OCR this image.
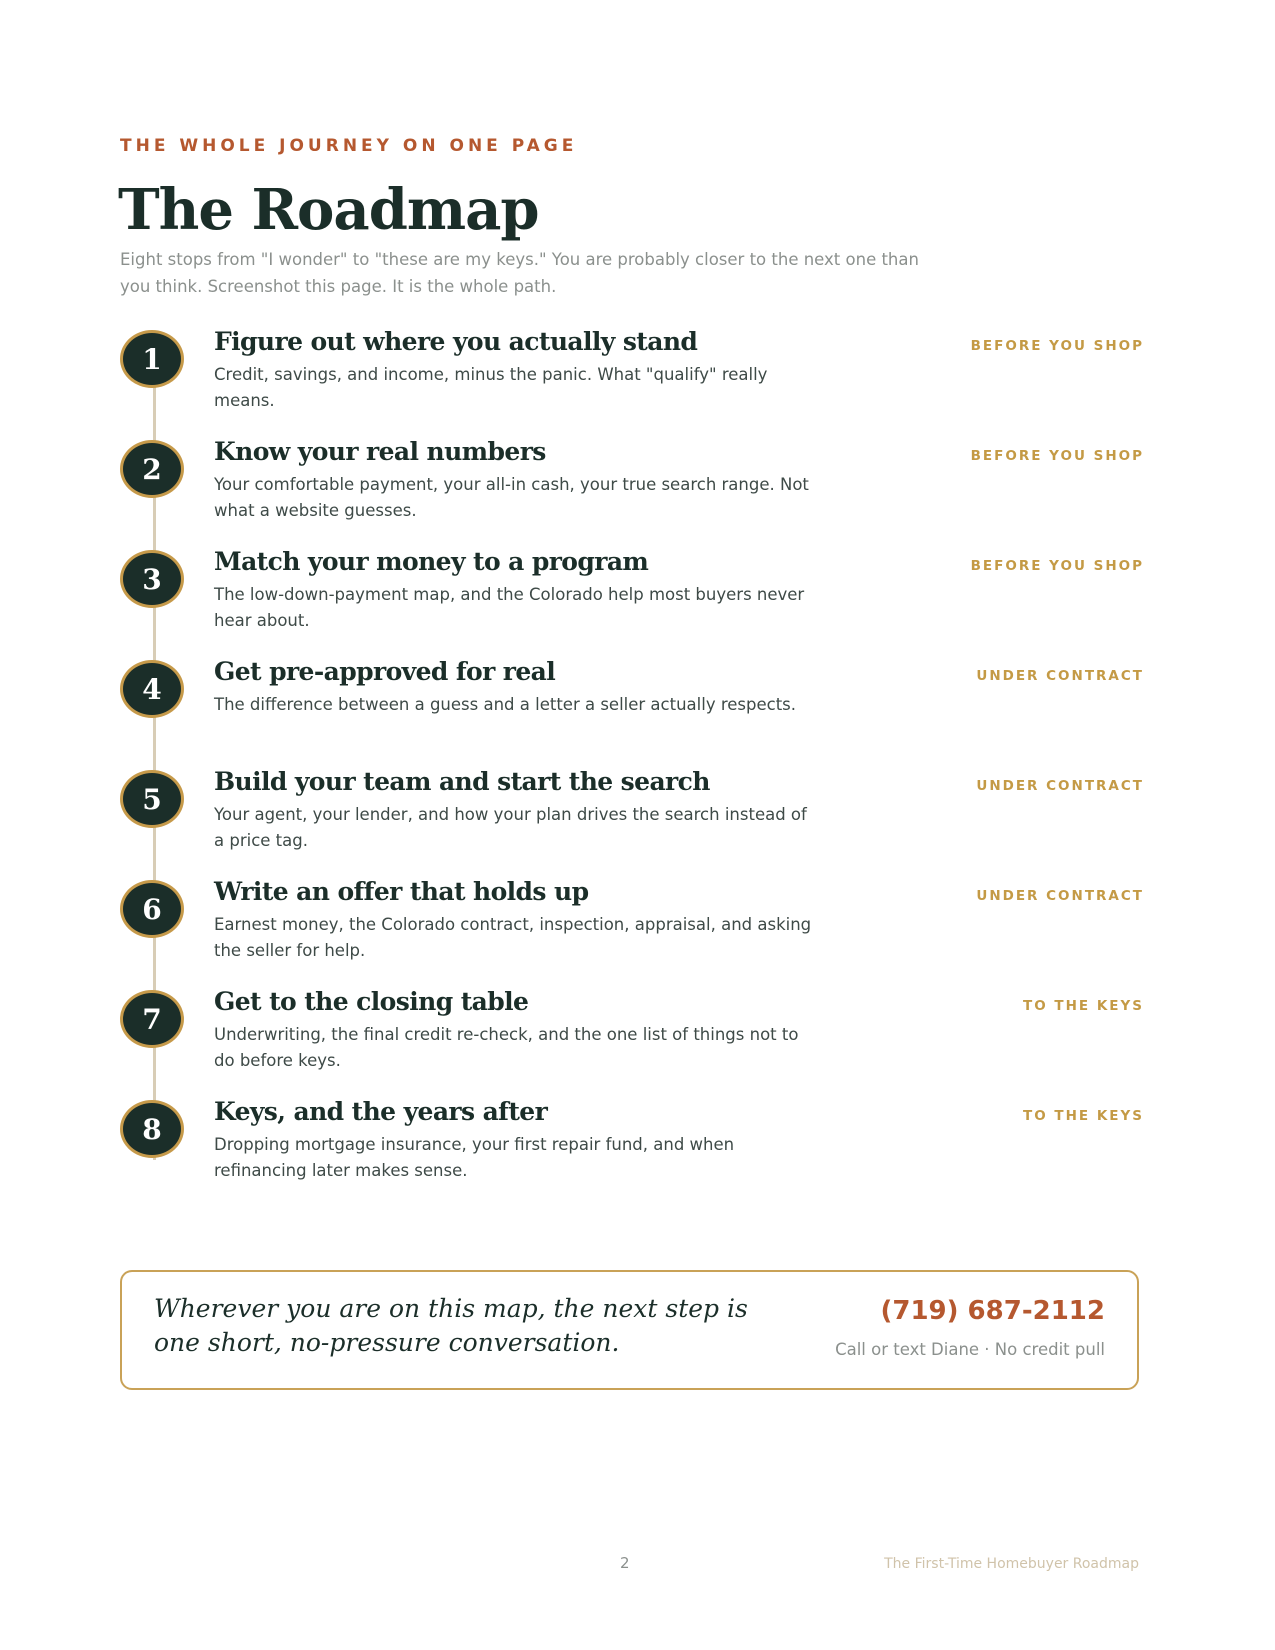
THE WHOLE JOURNEY ON ONE PAGE
The Roadmap
Eight stops from "I wonder" to "these are my keys." You are probably closer to the next one than you think. Screenshot this page. It is the whole path.
1
Figure out where you actually stand
Credit, savings, and income, minus the panic. What "qualify" really means.
BEFORE YOU SHOP
2
Know your real numbers
Your comfortable payment, your all-in cash, your true search range. Not what a website guesses.
BEFORE YOU SHOP
3
Match your money to a program
The low-down-payment map, and the Colorado help most buyers never hear about.
BEFORE YOU SHOP
4
Get pre-approved for real
The difference between a guess and a letter a seller actually respects.
UNDER CONTRACT
5
Build your team and start the search
Your agent, your lender, and how your plan drives the search instead of a price tag.
UNDER CONTRACT
6
Write an offer that holds up
Earnest money, the Colorado contract, inspection, appraisal, and asking the seller for help.
UNDER CONTRACT
7
Get to the closing table
Underwriting, the final credit re-check, and the one list of things not to do before keys.
TO THE KEYS
8
Keys, and the years after
Dropping mortgage insurance, your first repair fund, and when refinancing later makes sense.
TO THE KEYS
Wherever you are on this map, the next step is one short, no-pressure conversation.
(719) 687-2112
Call or text Diane · No credit pull
2	The First-Time Homebuyer Roadmap
